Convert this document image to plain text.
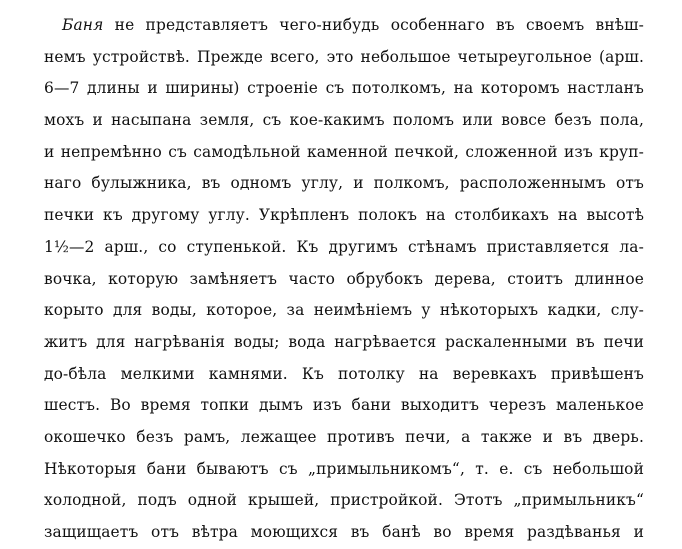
Баня не представляетъ чего-нибудь особеннаго въ своемъ внѣш-
немъ устройствѣ. Прежде всего, это небольшое четыреугольное (арш.
6—7 длины и ширины) строеніе съ потолкомъ, на которомъ настланъ
мохъ и насыпана земля, съ кое-какимъ поломъ или вовсе безъ пола,
и непремѣнно съ самодѣльной каменной печкой, сложенной изъ круп-
наго булыжника, въ одномъ углу, и полкомъ, расположеннымъ отъ
печки къ другому углу. Укрѣпленъ полокъ на столбикахъ на высотѣ
1½—2 арш., со ступенькой. Къ другимъ стѣнамъ приставляется ла-
вочка, которую замѣняетъ часто обрубокъ дерева, стоитъ длинное
корыто для воды, которое, за неимѣніемъ у нѣкоторыхъ кадки, слу-
житъ для нагрѣванія воды; вода нагрѣвается раскаленными въ печи
до-бѣла мелкими камнями. Къ потолку на веревкахъ привѣшенъ
шестъ. Во время топки дымъ изъ бани выходитъ черезъ маленькое
окошечко безъ рамъ, лежащее противъ печи, а также и въ дверь.
Нѣкоторыя бани бываютъ съ „примыльникомъ“, т. е. съ небольшой
холодной, подъ одной крышей, пристройкой. Этотъ „примыльникъ“
защищаетъ отъ вѣтра моющихся въ банѣ во время раздѣванья и
